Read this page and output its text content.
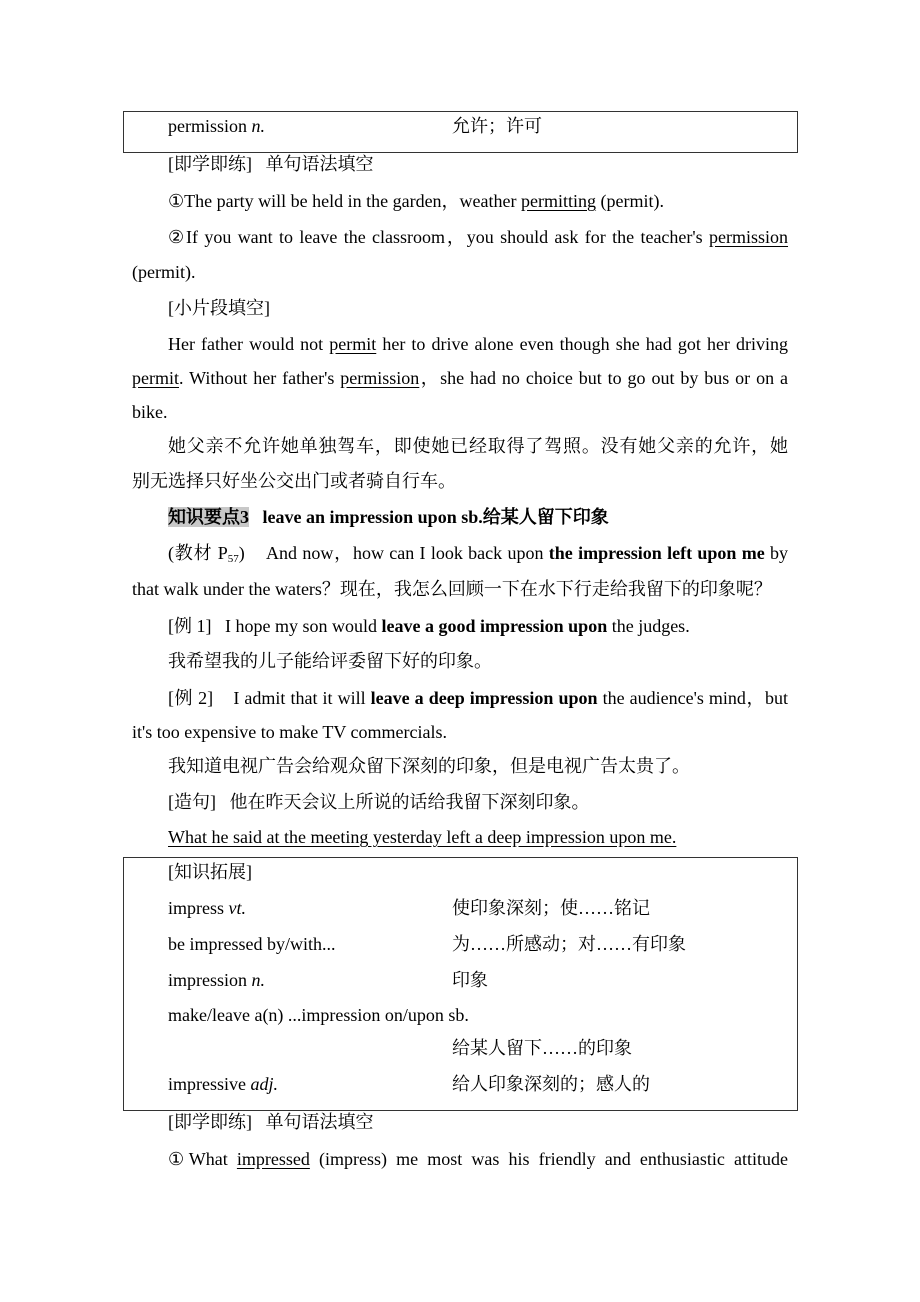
permission n.	允许；许可
[即学即练] 单句语法填空
①The party will be held in the garden，weather permitting (permit).
②If you want to leave the classroom，you should ask for the teacher's permission
(permit).
[小片段填空]
Her father would not permit her to drive alone even though she had got her driving
permit. Without her father's permission，she had no choice but to go out by bus or on a
bike.
她父亲不允许她单独驾车，即使她已经取得了驾照。没有她父亲的允许，她
别无选择只好坐公交出门或者骑自行车。
知识要点3 leave an impression upon sb.给某人留下印象
(教材 $P_{57}$) And now，how can I look back upon the impression left upon me by
that walk under the waters？现在，我怎么回顾一下在水下行走给我留下的印象呢？
[例 1] I hope my son would leave a good impression upon the judges.
我希望我的儿子能给评委留下好的印象。
[例 2] I admit that it will leave a deep impression upon the audience's mind，but
it's too expensive to make TV commercials.
我知道电视广告会给观众留下深刻的印象，但是电视广告太贵了。
[造句] 他在昨天会议上所说的话给我留下深刻印象。
What he said at the meeting yesterday left a deep impression upon me.
[知识拓展]
impress vt.	使印象深刻；使……铭记
be impressed by/with...	为……所感动；对……有印象
impression n.	印象
make/leave a(n) ...impression on/upon sb.
给某人留下……的印象
impressive adj.	给人印象深刻的；感人的
[即学即练] 单句语法填空
①What impressed (impress) me most was his friendly and enthusiastic attitude
